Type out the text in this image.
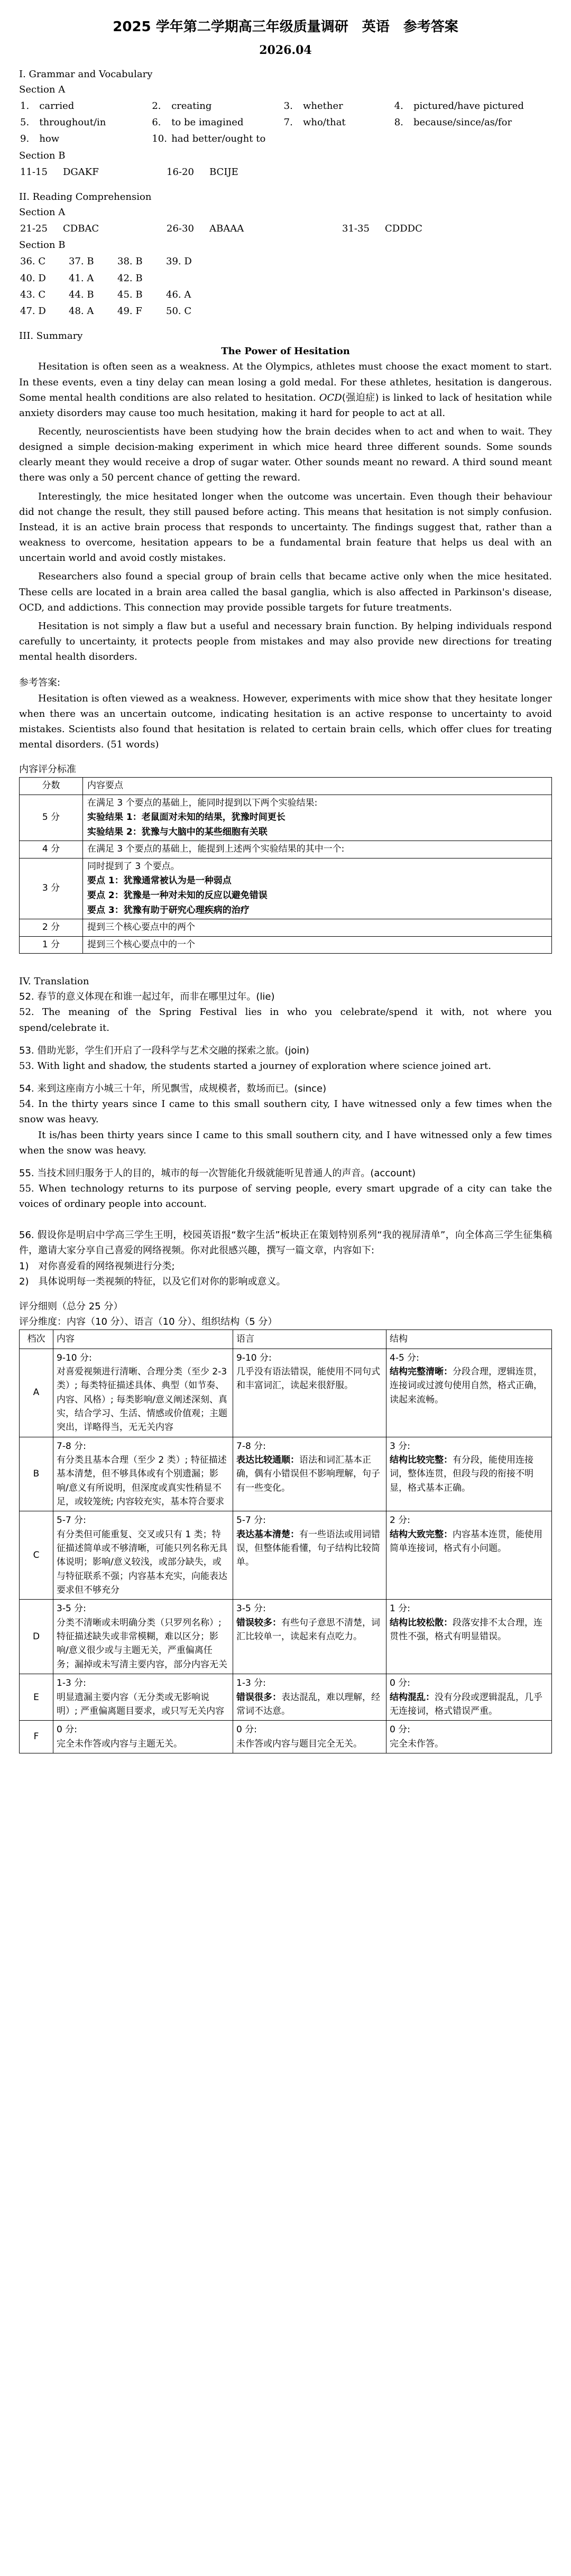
2025 学年第二学期高三年级质量调研　英语　参考答案
2026.04
I. Grammar and Vocabulary
Section A
1.	carried	2.	creating	3.	whether	4.	pictured/have pictured
5.	throughout/in	6.	to be imagined	7.	who/that	8.	because/since/as/for
9.	how	10.	had better/ought to				
Section B
11-15	DGAKF	16-20	BCIJE
II. Reading Comprehension
Section A
21-25	CDBAC	26-30	ABAAA	31-35	CDDDC
Section B
36. C	37. B	38. B	39. D
40. D	41. A	42. B	
43. C	44. B	45. B	46. A
47. D	48. A	49. F	50. C
III. Summary
The Power of Hesitation

Hesitation is often seen as a weakness. At the Olympics, athletes must choose the exact moment to start. In these events, even a tiny delay can mean losing a gold medal. For these athletes, hesitation is dangerous. Some mental health conditions are also related to hesitation. OCD(强迫症) is linked to lack of hesitation while anxiety disorders may cause too much hesitation, making it hard for people to act at all.

Recently, neuroscientists have been studying how the brain decides when to act and when to wait. They designed a simple decision-making experiment in which mice heard three different sounds. Some sounds clearly meant they would receive a drop of sugar water. Other sounds meant no reward. A third sound meant there was only a 50 percent chance of getting the reward.

Interestingly, the mice hesitated longer when the outcome was uncertain. Even though their behaviour did not change the result, they still paused before acting. This means that hesitation is not simply confusion. Instead, it is an active brain process that responds to uncertainty. The findings suggest that, rather than a weakness to overcome, hesitation appears to be a fundamental brain feature that helps us deal with an uncertain world and avoid costly mistakes.

Researchers also found a special group of brain cells that became active only when the mice hesitated. These cells are located in a brain area called the basal ganglia, which is also affected in Parkinson's disease, OCD, and addictions. This connection may provide possible targets for future treatments.

Hesitation is not simply a flaw but a useful and necessary brain function. By helping individuals respond carefully to uncertainty, it protects people from mistakes and may also provide new directions for treating mental health disorders.

参考答案:

Hesitation is often viewed as a weakness. However, experiments with mice show that they hesitate longer when there was an uncertain outcome, indicating hesitation is an active response to uncertainty to avoid mistakes. Scientists also found that hesitation is related to certain brain cells, which offer clues for treating mental disorders. (51 words)

内容评分标准
分数	内容要点
5 分	在满足 3 个要点的基础上，能同时提到以下两个实验结果:
实验结果 1：老鼠面对未知的结果，犹豫时间更长
实验结果 2：犹豫与大脑中的某些细胞有关联

4 分	在满足 3 个要点的基础上，能提到上述两个实验结果的其中一个:

3 分	同时提到了 3 个要点。
要点 1：犹豫通常被认为是一种弱点
要点 2：犹豫是一种对未知的反应以避免错误
要点 3：犹豫有助于研究心理疾病的治疗

2 分	提到三个核心要点中的两个

1 分	提到三个核心要点中的一个
IV. Translation
52. 春节的意义体现在和谁一起过年，而非在哪里过年。(lie)

52. The meaning of the Spring Festival lies in who you celebrate/spend it with, not where you spend/celebrate it.

53. 借助光影，学生们开启了一段科学与艺术交融的探索之旅。(join)

53. With light and shadow, the students started a journey of exploration where science joined art.

54. 来到这座南方小城三十年，所见飘雪，成规模者，数场而已。(since)

54. In the thirty years since I came to this small southern city, I have witnessed only a few times when the snow was heavy.

It is/has been thirty years since I came to this small southern city, and I have witnessed only a few times when the snow was heavy.

55. 当技术回归服务于人的目的，城市的每一次智能化升级就能听见普通人的声音。(account)

55. When technology returns to its purpose of serving people, every smart upgrade of a city can take the voices of ordinary people into account.

56. 假设你是明启中学高三学生王明，校园英语报“数字生活”板块正在策划特别系列“我的视屏清单”，向全体高三学生征集稿件，邀请大家分享自己喜爱的网络视频。你对此很感兴趣，撰写一篇文章，内容如下:

1)　对你喜爱看的网络视频进行分类;
2)　具体说明每一类视频的特征，以及它们对你的影响或意义。
评分细则（总分 25 分）
评分维度：内容（10 分）、语言（10 分）、组织结构（5 分）
档次	内容	语言	结构
A	9-10 分:
对喜爱视频进行清晰、合理分类（至少 2-3 类）; 每类特征描述具体、典型（如节奏、内容、风格）; 每类影响/意义阐述深刻、真实，结合学习、生活、情感或价值观；主题突出，详略得当，无无关内容	9-10 分:
几乎没有语法错误，能使用不同句式和丰富词汇，读起来很舒服。	4-5 分:
结构完整清晰：分段合理，逻辑连贯，连接词或过渡句使用自然，格式正确，读起来流畅。
B	7-8 分:
有分类且基本合理（至少 2 类）; 特征描述基本清楚，但不够具体或有个别遗漏；影响/意义有所说明，但深度或真实性稍显不足，或较笼统; 内容较充实，基本符合要求	7-8 分:
表达比较通顺：语法和词汇基本正确，偶有小错误但不影响理解，句子有一些变化。	3 分:
结构比较完整：有分段，能使用连接词，整体连贯，但段与段的衔接不明显，格式基本正确。
C	5-7 分:
有分类但可能重复、交叉或只有 1 类；特征描述简单或不够清晰，可能只列名称无具体说明；影响/意义较浅，或部分缺失，或与特征联系不强；内容基本充实，向能表达要求但不够充分	5-7 分:
表达基本清楚：有一些语法或用词错误，但整体能看懂，句子结构比较简单。	2 分:
结构大致完整：内容基本连贯，能使用简单连接词，格式有小问题。
D	3-5 分:
分类不清晰或未明确分类（只罗列名称）; 特征描述缺失或非常模糊，难以区分；影响/意义很少或与主题无关，严重偏离任务；漏掉或未写清主要内容，部分内容无关	3-5 分:
错误较多：有些句子意思不清楚，词汇比较单一，读起来有点吃力。	1 分:
结构比较松散：段落安排不太合理，连贯性不强，格式有明显错误。
E	1-3 分:
明显遗漏主要内容（无分类或无影响说明）; 严重偏离题目要求，或只写无关内容	1-3 分:
错误很多：表达混乱，难以理解，经常词不达意。	0 分:
结构混乱：没有分段或逻辑混乱，几乎无连接词，格式错误严重。
F	0 分:
完全未作答或内容与主题无关。	0 分:
未作答或内容与题目完全无关。	0 分:
完全未作答。
